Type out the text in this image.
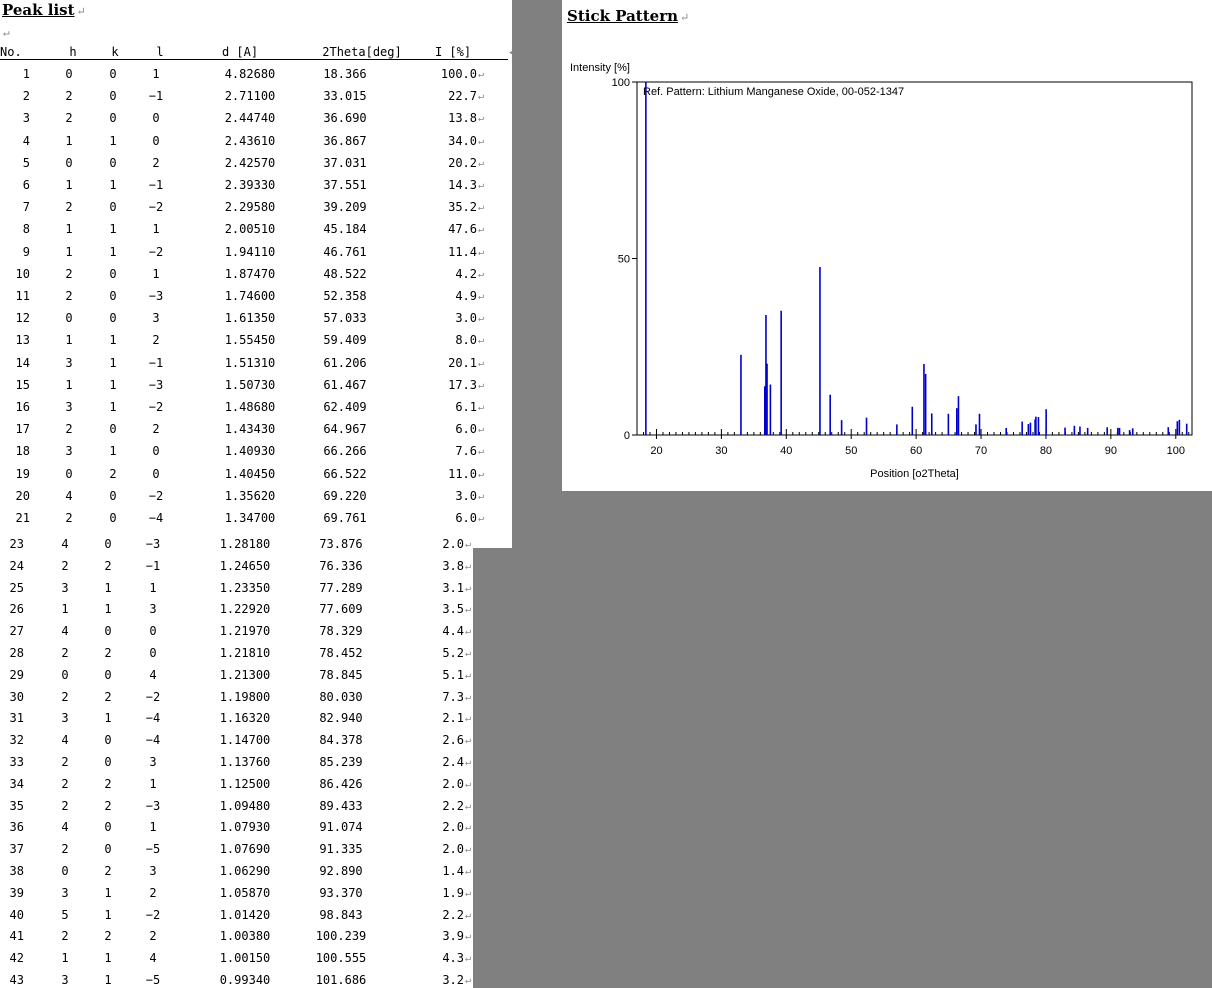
Peak list ↵
↵
Stick Pattern ↵
No.	h	k	l	d [A]	2Theta[deg]	I [%]
1	0	0	1	4.82680	18.366	100.0 ↵
2	2	0	−1	2.71100	33.015	22.7 ↵
3	2	0	0	2.44740	36.690	13.8 ↵
4	1	1	0	2.43610	36.867	34.0 ↵
5	0	0	2	2.42570	37.031	20.2 ↵
6	1	1	−1	2.39330	37.551	14.3 ↵
7	2	0	−2	2.29580	39.209	35.2 ↵
8	1	1	1	2.00510	45.184	47.6 ↵
9	1	1	−2	1.94110	46.761	11.4 ↵
10	2	0	1	1.87470	48.522	4.2 ↵
11	2	0	−3	1.74600	52.358	4.9 ↵
12	0	0	3	1.61350	57.033	3.0 ↵
13	1	1	2	1.55450	59.409	8.0 ↵
14	3	1	−1	1.51310	61.206	20.1 ↵
15	1	1	−3	1.50730	61.467	17.3 ↵
16	3	1	−2	1.48680	62.409	6.1 ↵
17	2	0	2	1.43430	64.967	6.0 ↵
18	3	1	0	1.40930	66.266	7.6 ↵
19	0	2	0	1.40450	66.522	11.0 ↵
20	4	0	−2	1.35620	69.220	3.0 ↵
21	2	0	−4	1.34700	69.761	6.0 ↵
23	4	0	−3	1.28180	73.876	2.0 ↵
24	2	2	−1	1.24650	76.336	3.8 ↵
25	3	1	1	1.23350	77.289	3.1 ↵
26	1	1	3	1.22920	77.609	3.5 ↵
27	4	0	0	1.21970	78.329	4.4 ↵
28	2	2	0	1.21810	78.452	5.2 ↵
29	0	0	4	1.21300	78.845	5.1 ↵
30	2	2	−2	1.19800	80.030	7.3 ↵
31	3	1	−4	1.16320	82.940	2.1 ↵
32	4	0	−4	1.14700	84.378	2.6 ↵
33	2	0	3	1.13760	85.239	2.4 ↵
34	2	2	1	1.12500	86.426	2.0 ↵
35	2	2	−3	1.09480	89.433	2.2 ↵
36	4	0	1	1.07930	91.074	2.0 ↵
37	2	0	−5	1.07690	91.335	2.0 ↵
38	0	2	3	1.06290	92.890	1.4 ↵
39	3	1	2	1.05870	93.370	1.9 ↵
40	5	1	−2	1.01420	98.843	2.2 ↵
41	2	2	2	1.00380	100.239	3.9 ↵
42	1	1	4	1.00150	100.555	4.3 ↵
43	3	1	−5	0.99340	101.686	3.2 ↵
◂
20	30	40	50	60	70	80	90	100
0
50
100
Intensity [%]
Position [o2Theta]
Ref. Pattern: Lithium Manganese Oxide, 00-052-1347
